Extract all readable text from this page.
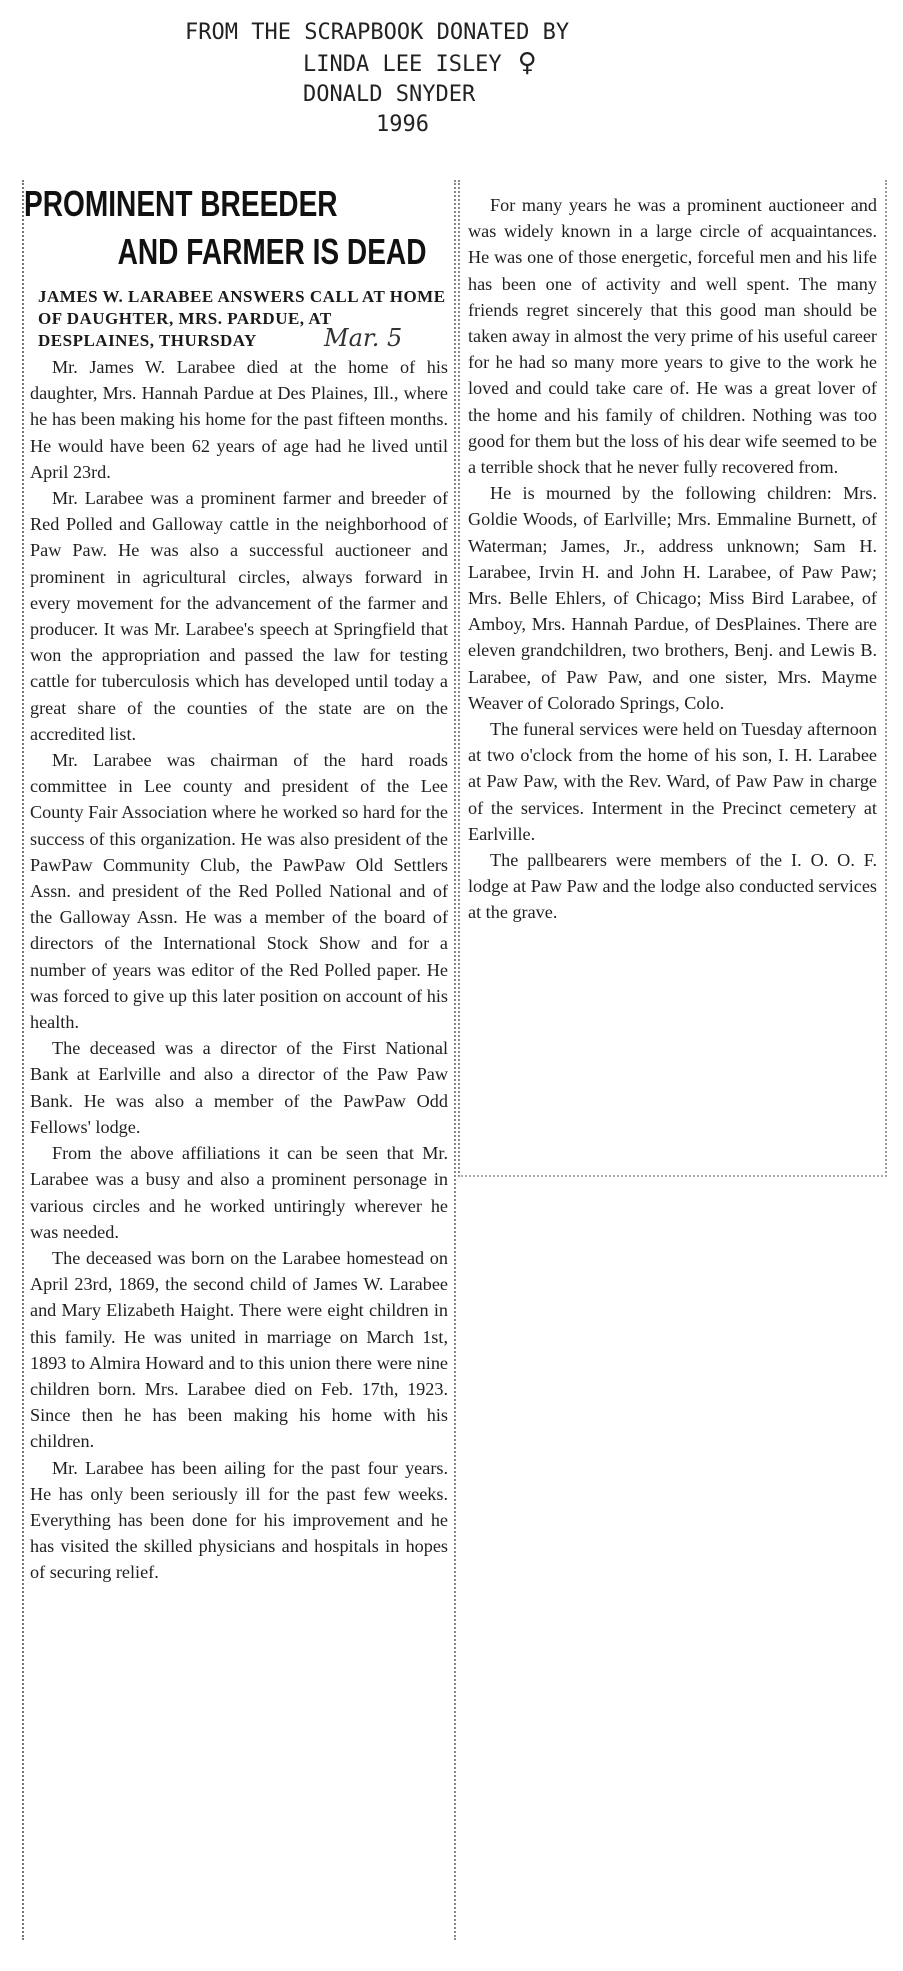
FROM THE SCRAPBOOK DONATED BY
LINDA LEE ISLEY ♀
DONALD SNYDER
1996
PROMINENT BREEDER
AND FARMER IS DEAD
JAMES W. LARABEE ANSWERS CALL AT HOME OF DAUGHTER, MRS. PARDUE, AT DESPLAINES, THURSDAY	Mar. 5

Mr. James W. Larabee died at the home of his daughter, Mrs. Hannah Pardue at Des Plaines, Ill., where he has been making his home for the past fifteen months. He would have been 62 years of age had he lived until April 23rd.

Mr. Larabee was a prominent farmer and breeder of Red Polled and Galloway cattle in the neighborhood of Paw Paw. He was also a successful auctioneer and prominent in agricultural circles, always forward in every movement for the advancement of the farmer and producer. It was Mr. Larabee's speech at Springfield that won the appropriation and passed the law for testing cattle for tuberculosis which has developed until today a great share of the counties of the state are on the accredited list.

Mr. Larabee was chairman of the hard roads committee in Lee county and president of the Lee County Fair Association where he worked so hard for the success of this organization. He was also president of the PawPaw Community Club, the PawPaw Old Settlers Assn. and president of the Red Polled National and of the Galloway Assn. He was a member of the board of directors of the International Stock Show and for a number of years was editor of the Red Polled paper. He was forced to give up this later position on account of his health.

The deceased was a director of the First National Bank at Earlville and also a director of the Paw Paw Bank. He was also a member of the PawPaw Odd Fellows' lodge.

From the above affiliations it can be seen that Mr. Larabee was a busy and also a prominent personage in various circles and he worked untiringly wherever he was needed.

The deceased was born on the Larabee homestead on April 23rd, 1869, the second child of James W. Larabee and Mary Elizabeth Haight. There were eight children in this family. He was united in marriage on March 1st, 1893 to Almira Howard and to this union there were nine children born. Mrs. Larabee died on Feb. 17th, 1923. Since then he has been making his home with his children.

Mr. Larabee has been ailing for the past four years. He has only been seriously ill for the past few weeks. Everything has been done for his improvement and he has visited the skilled physicians and hospitals in hopes of securing relief.

For many years he was a prominent auctioneer and was widely known in a large circle of acquaintances. He was one of those energetic, forceful men and his life has been one of activity and well spent. The many friends regret sincerely that this good man should be taken away in almost the very prime of his useful career for he had so many more years to give to the work he loved and could take care of. He was a great lover of the home and his family of children. Nothing was too good for them but the loss of his dear wife seemed to be a terrible shock that he never fully recovered from.

He is mourned by the following children: Mrs. Goldie Woods, of Earlville; Mrs. Emmaline Burnett, of Waterman; James, Jr., address unknown; Sam H. Larabee, Irvin H. and John H. Larabee, of Paw Paw; Mrs. Belle Ehlers, of Chicago; Miss Bird Larabee, of Amboy, Mrs. Hannah Pardue, of DesPlaines. There are eleven grandchildren, two brothers, Benj. and Lewis B. Larabee, of Paw Paw, and one sister, Mrs. Mayme Weaver of Colorado Springs, Colo.

The funeral services were held on Tuesday afternoon at two o'clock from the home of his son, I. H. Larabee at Paw Paw, with the Rev. Ward, of Paw Paw in charge of the services. Interment in the Precinct cemetery at Earlville.

The pallbearers were members of the I. O. O. F. lodge at Paw Paw and the lodge also conducted services at the grave.
